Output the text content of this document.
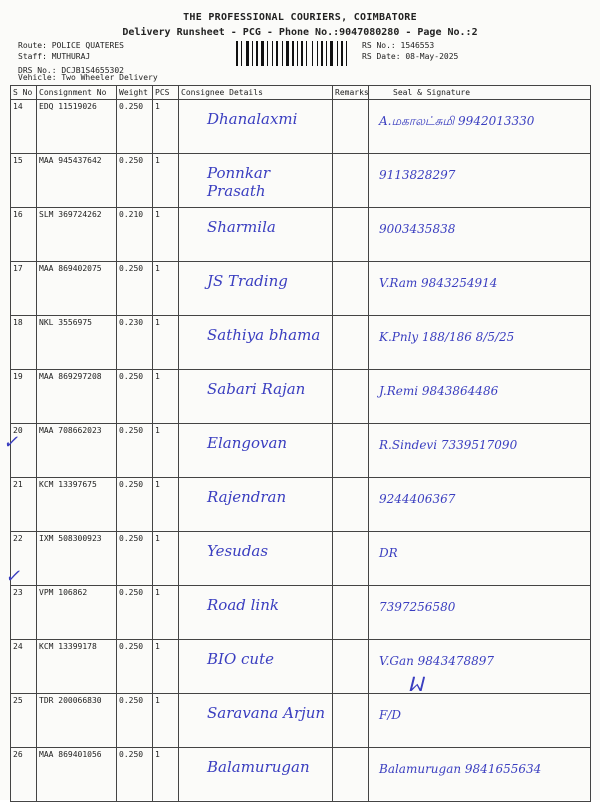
THE PROFESSIONAL COURIERS, COIMBATORE
Delivery Runsheet - PCG - Phone No.:9047080280 - Page No.:2
Route: POLICE QUATERES
Staff: MUTHURAJ
DRS No.: DCJB1S4655302
RS No.: 1546553
RS Date: 08-May-2025
Vehicle: Two Wheeler Delivery
S No	Consignment No	Weight	PCS	Consignee Details	Remarks	Seal & Signature
14	EDQ 11519026	0.250	1	Dhanalaxmi		A.மகாலட்சுமி 9942013330
15	MAA 945437642	0.250	1	Ponnkar Prasath		9113828297
16	SLM 369724262	0.210	1	Sharmila		9003435838
17	MAA 869402075	0.250	1	JS Trading		V.Ram 9843254914
18	NKL 3556975	0.230	1	Sathiya bhama		K.Pnly 188/186 8/5/25
19	MAA 869297208	0.250	1	Sabari Rajan		J.Remi 9843864486
20	MAA 708662023	0.250	1	Elangovan		R.Sindevi 7339517090
21	KCM 13397675	0.250	1	Rajendran		9244406367
22	IXM 508300923	0.250	1	Yesudas		DR
23	VPM 106862	0.250	1	Road link		7397256580
24	KCM 13399178	0.250	1	BIO cute		V.Gan 9843478897
25	TDR 200066830	0.250	1	Saravana Arjun		F/D
26	MAA 869401056	0.250	1	Balamurugan		Balamurugan 9841655634
✓
✓
ᥕ
